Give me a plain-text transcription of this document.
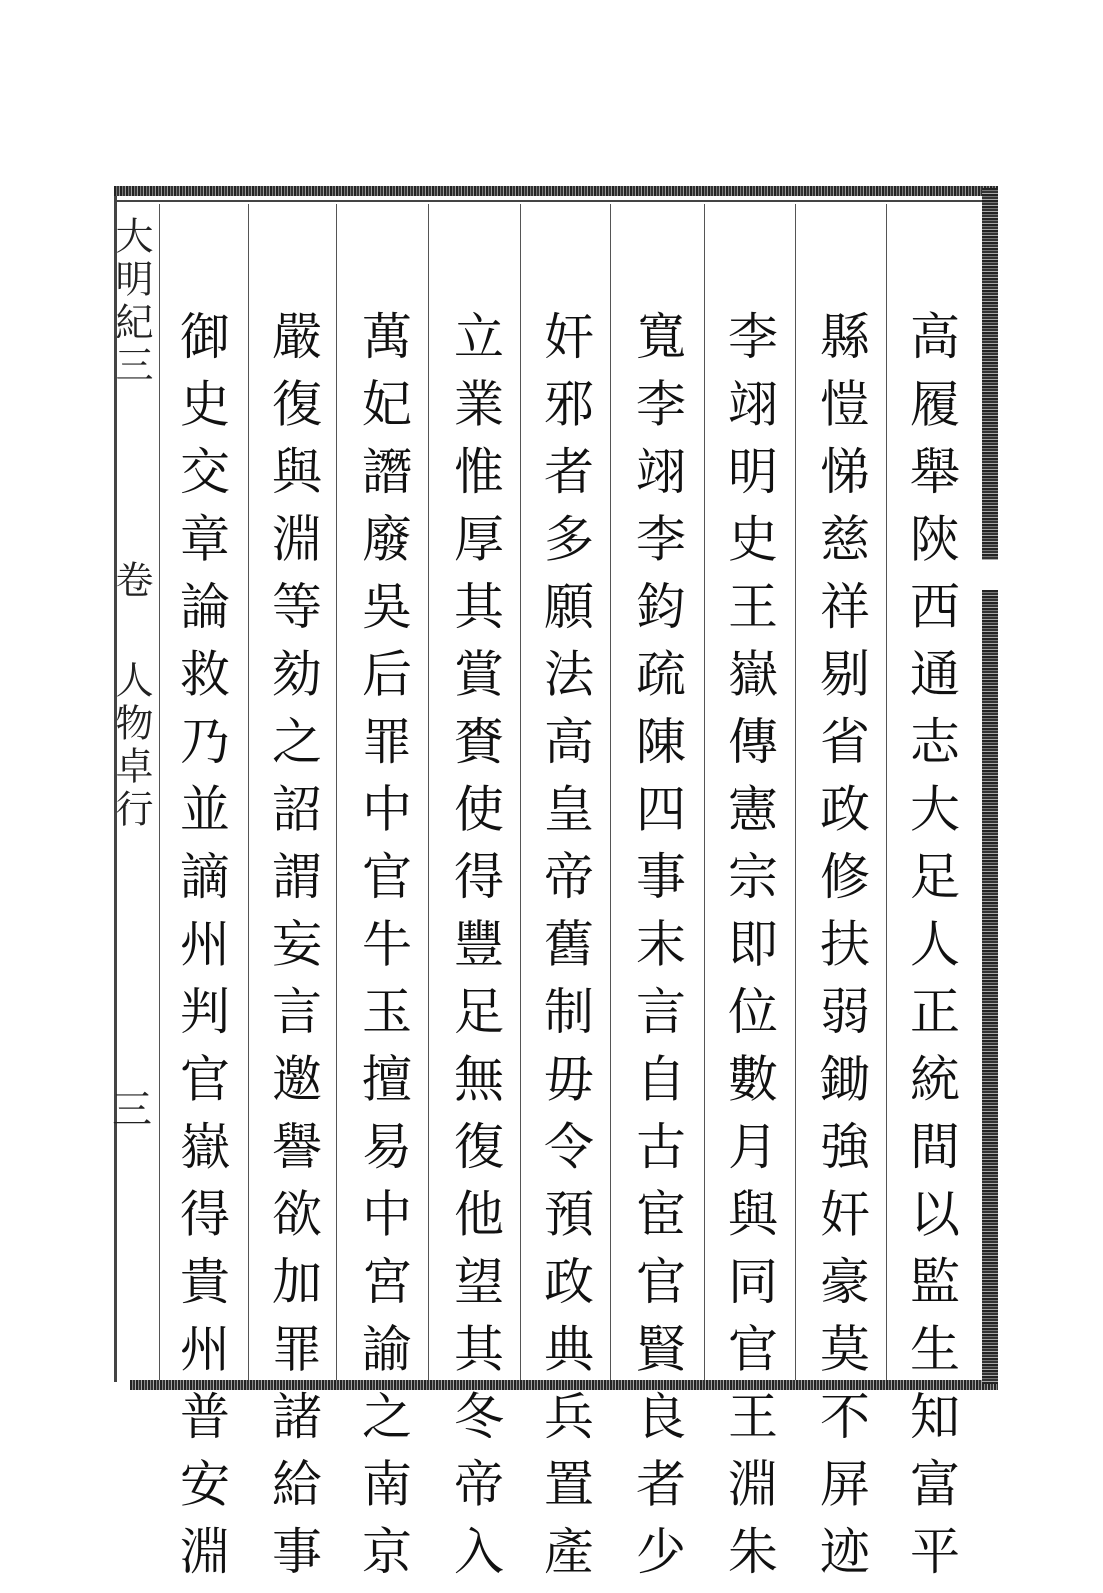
大明紀三
卷
人物卓行
三	高履舉陝西通志大足人正統間以監生知富平
縣愷悌慈祥剔省政修扶弱鋤強奸豪莫不屏迹
李翊明史王嶽傳憲宗即位數月與同官王淵朱
寬李翊李鈞疏陳四事末言自古宦官賢良者少
奸邪者多願法高皇帝舊制毋令預政典兵置產
立業惟厚其賞賚使得豐足無復他望其冬帝入
萬妃譖廢吳后罪中官牛玉擅易中宮諭之南京
嚴復與淵等劾之詔謂妄言邀譽欲加罪諸給事
御史交章論救乃並謫州判官嶽得貴州普安淵
